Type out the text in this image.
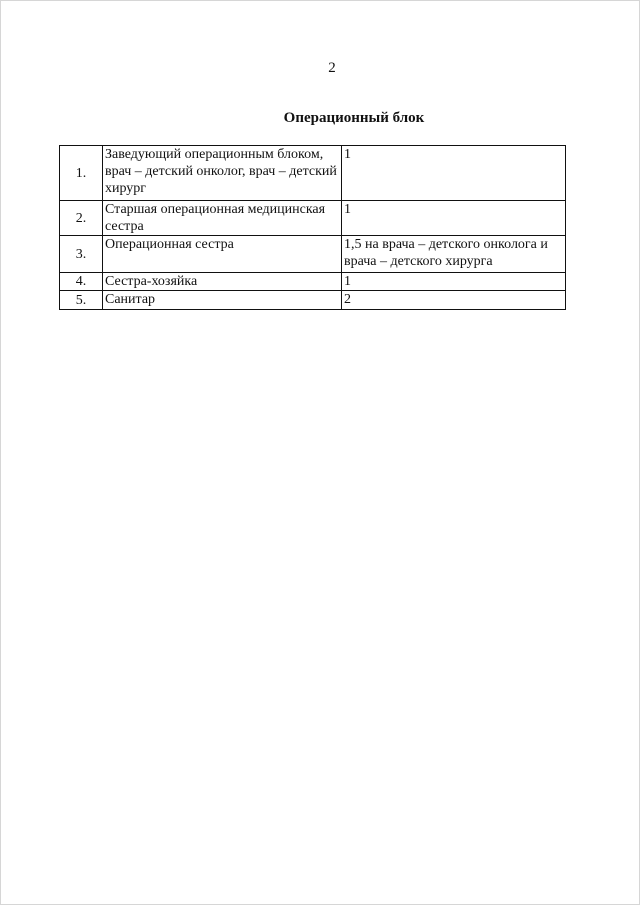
2
Операционный блок
1.	Заведующий операционным блоком, врач – детский онколог, врач – детский хирург	1
2.	Старшая операционная медицинская сестра	1
3.	Операционная сестра	1,5 на врача – детского онколога и врача – детского хирурга
4.	Сестра-хозяйка	1
5.	Санитар	2
